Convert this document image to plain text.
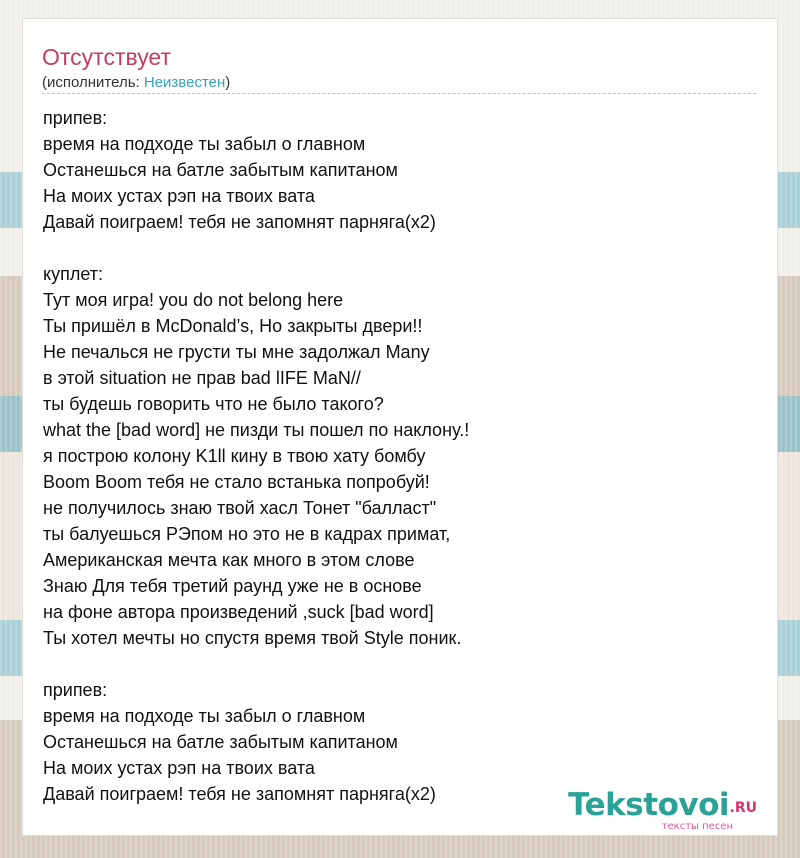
Отсутствует
(исполнитель: Неизвестен)
припев:
время на подходе ты забыл о главном
Останешься на батле забытым капитаном
На моих устах рэп на твоих вата
Давай поиграем! тебя не запомнят парняга(x2)
куплет:
Тут моя игра! you do not belong here
Ты пришёл в McDonald’s, Но закрыты двери!!
Не печалься не грусти ты мне задолжал Many
в этой situation не прав bad lIFE MaN//
ты будешь говорить что не было такого?
what the [bad word] не пизди ты пошел по наклону.!
я построю колону K1ll кину в твою хату бомбу
Boom Boom тебя не стало встанька попробуй!
не получилось знаю твой хасл Тонет "балласт"
ты балуешься РЭпом но это не в кадрах примат,
Американская мечта как много в этом слове
Знаю Для тебя третий раунд уже не в основе
на фоне автора произведений ,suck [bad word]
Ты хотел мечты но спустя время твой Style поник.
припев:
время на подходе ты забыл о главном
Останешься на батле забытым капитаном
На моих устах рэп на твоих вата
Давай поиграем! тебя не запомнят парняга(x2)	Tekstovoi .RU
тексты песен
